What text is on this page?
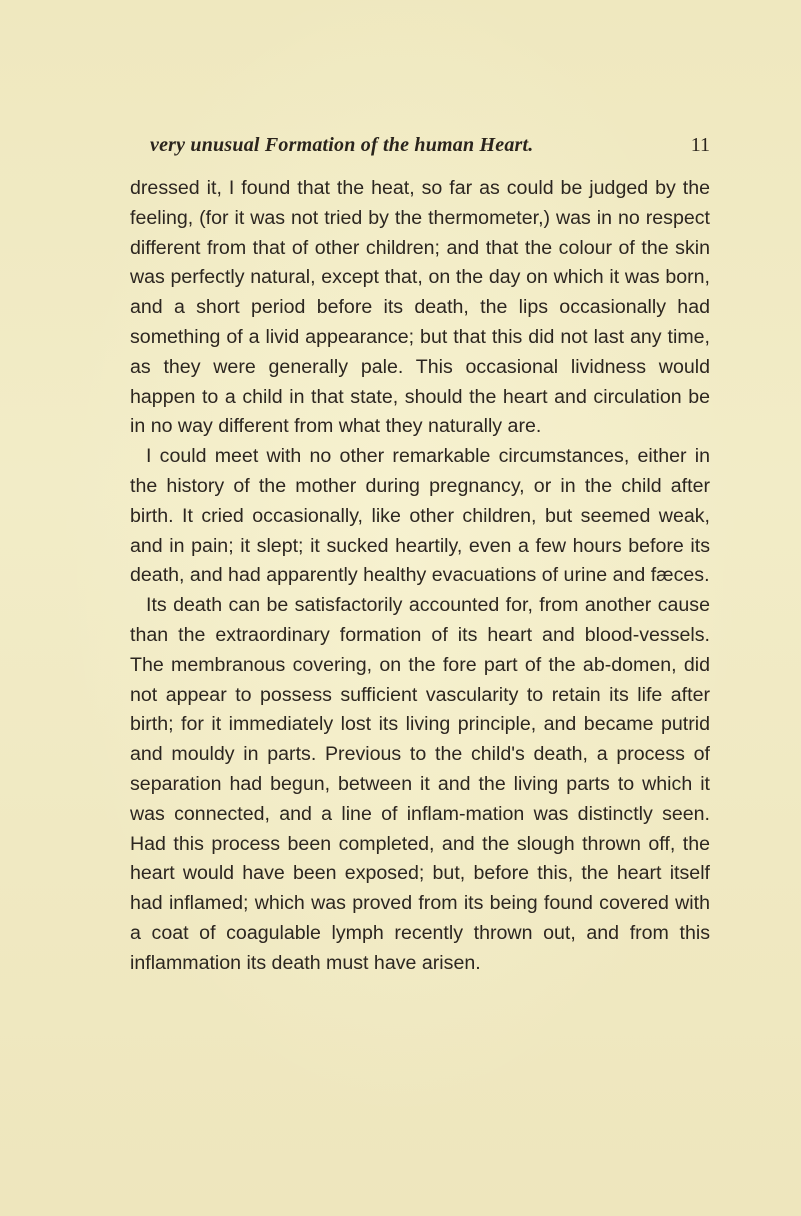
very unusual Formation of the human Heart.	11

dressed it, I found that the heat, so far as could be judged by the feeling, (for it was not tried by the thermometer,) was in no respect different from that of other children; and that the colour of the skin was perfectly natural, except that, on the day on which it was born, and a short period before its death, the lips occasionally had something of a livid appearance; but that this did not last any time, as they were generally pale. This occasional lividness would happen to a child in that state, should the heart and circulation be in no way different from what they naturally are.

I could meet with no other remarkable circumstances, either in the history of the mother during pregnancy, or in the child after birth. It cried occasionally, like other children, but seemed weak, and in pain; it slept; it sucked heartily, even a few hours before its death, and had apparently healthy evacuations of urine and fæces.

Its death can be satisfactorily accounted for, from another cause than the extraordinary formation of its heart and blood-vessels. The membranous covering, on the fore part of the ab-domen, did not appear to possess sufficient vascularity to retain its life after birth; for it immediately lost its living principle, and became putrid and mouldy in parts. Previous to the child's death, a process of separation had begun, between it and the living parts to which it was connected, and a line of inflam-mation was distinctly seen. Had this process been completed, and the slough thrown off, the heart would have been exposed; but, before this, the heart itself had inflamed; which was proved from its being found covered with a coat of coagulable lymph recently thrown out, and from this inflammation its death must have arisen.
